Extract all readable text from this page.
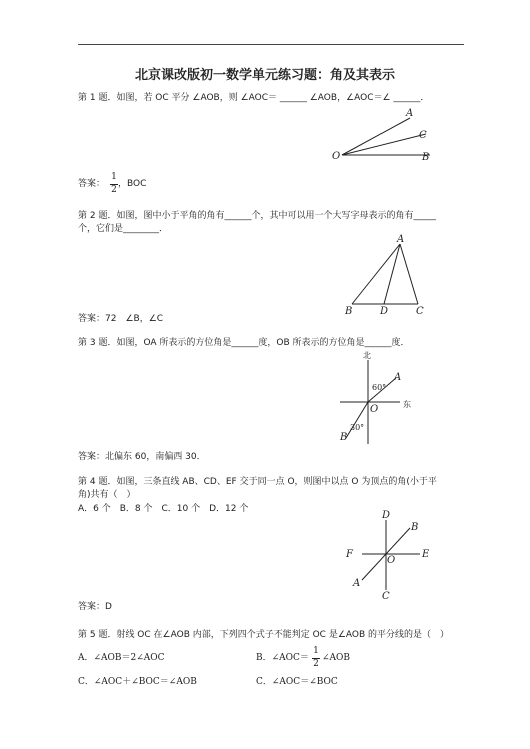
北京课改版初一数学单元练习题：角及其表示
第 1 题．如图，若 OC 平分 ∠AOB，则 ∠AOC＝ ______ ∠AOB，∠AOC＝∠ ______．
A
C
O	B
答案：
1
2
，BOC
第 2 题．如图，图中小于平角的角有______个，其中可以用一个大写字母表示的角有_____
个，它们是________．
A
B	D	C
答案：72　∠B，∠C
第 3 题．如图，OA 所表示的方位角是______度，OB 所表示的方位角是______度．
北
东
60°
A
O
30°
B
答案：北偏东 60，南偏西 30．
第 4 题．如图，三条直线 AB、CD、EF 交于同一点 O，则图中以点 O 为顶点的角(小于平
角)共有（　）
A．6 个　B．8 个　C．10 个　D．12 个
D
B
F
O
E
A
C
答案：D
第 5 题．射线 OC 在∠AOB 内部，下列四个式子不能判定 OC 是∠AOB 的平分线的是（　）
A．∠AOB＝2∠AOC	B．∠AOC＝
1
2
∠AOB
C．∠AOC＋∠BOC＝∠AOB	C．∠AOC＝∠BOC
